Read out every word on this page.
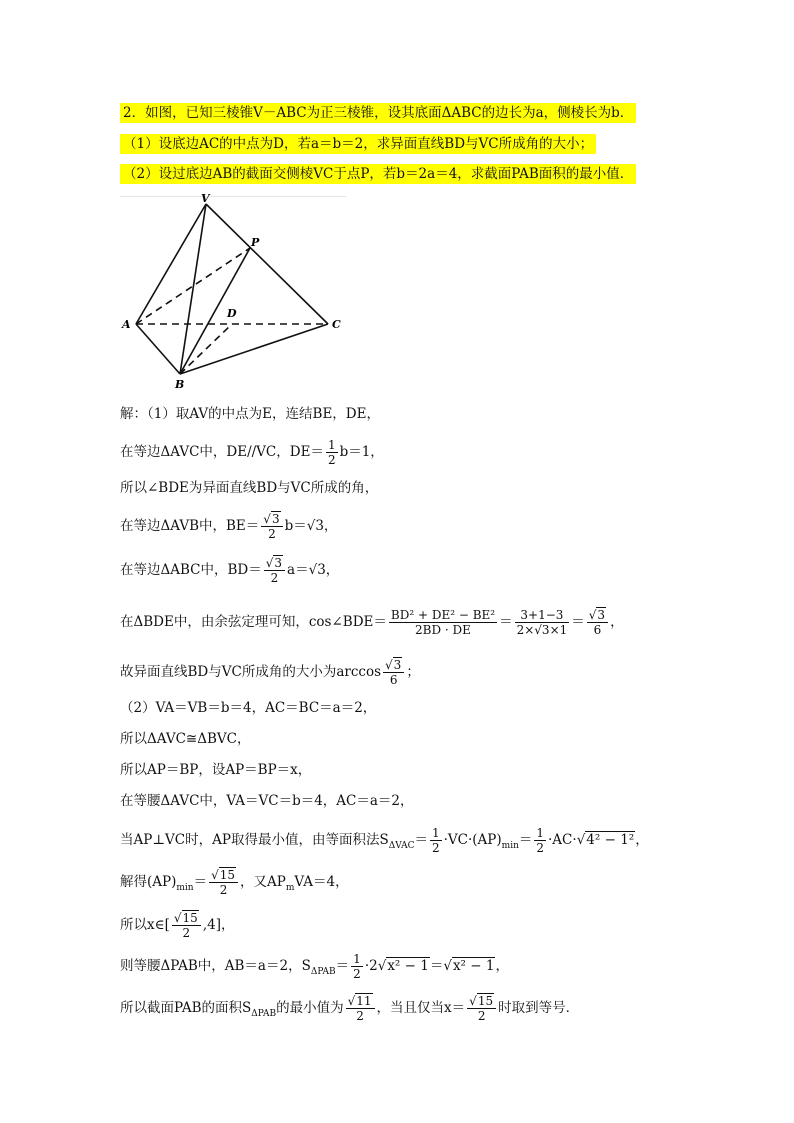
2．如图，已知三棱锥V－ABC为正三棱锥，设其底面ΔABC的边长为a，侧棱长为b．
（1）设底边AC的中点为D，若a＝b＝2，求异面直线BD与VC所成角的大小；
（2）设过底边AB的截面交侧棱VC于点P，若b＝2a＝4，求截面PAB面积的最小值．
V
P
D
A	C
B
解：（1）取AV的中点为E，连结BE，DE，
在等边ΔAVC中，DE//VC，$DE= \frac{1}{2} b=1$，
所以∠BDE为异面直线BD与VC所成的角，
在等边ΔAVB中，$BE= \frac{√3}{2} b=√3$，
在等边ΔABC中，$BD= \frac{√3}{2} a=√3$，
在ΔBDE中，由余弦定理可知，cos∠BDE＝ $\frac{\text{BD² + DE² − BE²}}{2BD \cdot DE} = \frac{3+1-3}{2\times√3\times 1} = \frac{√3}{6}$ ，
故异面直线BD与VC所成角的大小为$\arccos \frac{√3}{6}$ ；
（2）VA＝VB＝b＝4，AC＝BC＝a＝2，
所以ΔAVC≅ΔBVC，
所以AP＝BP，设AP＝BP＝x，
在等腰ΔAVC中，VA＝VC＝b＝4，AC＝a＝2，
当AP⊥VC时，AP取得最小值，由等面积法$S_{\Delta VAC}= \frac{1}{2} \cdot VC\cdot(AP)_{min}= \frac{1}{2} \cdot AC\cdot√4^2 - 1^2$，
解得$(AP)_{min}= \frac{√15}{2}$ ，又$AP_mVA=4$，
所以x∈[ $\frac{√15}{2} ,4$]，
则等腰ΔPAB中，AB＝a＝2，$S_{\Delta PAB}= \frac{1}{2} \cdot 2√x^2 - 1=√x^2 - 1$，
所以截面PAB的面积$S_{\Delta PAB}$的最小值为 $\frac{√11}{2}$ ，当且仅当$x= \frac{√15}{2}$ 时取到等号．
